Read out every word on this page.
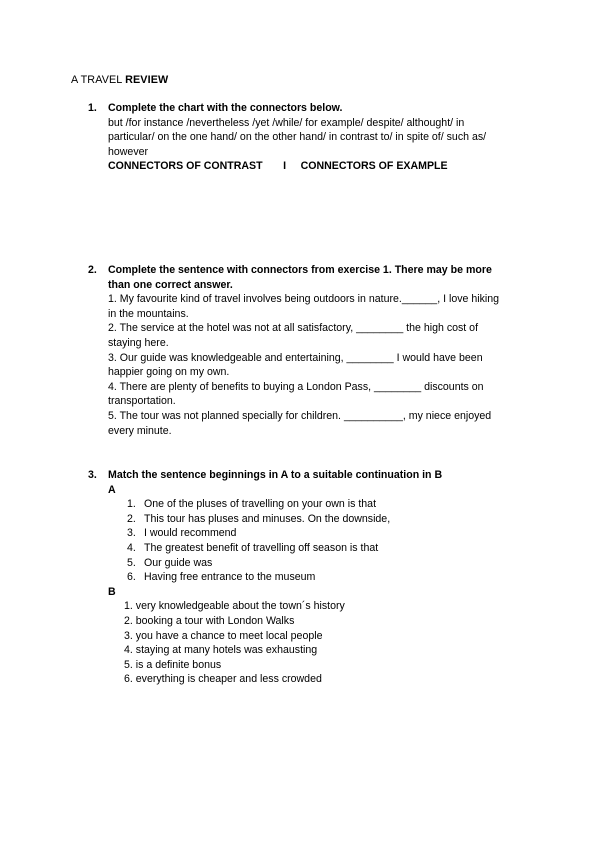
A TRAVEL REVIEW
1. Complete the chart with the connectors below.
but /for instance /nevertheless /yet /while/ for example/ despite/ althought/ in
particular/ on the one hand/ on the other hand/ in contrast to/ in spite of/ such as/
however
CONNECTORS OF CONTRAST I CONNECTORS OF EXAMPLE
2. Complete the sentence with connectors from exercise 1. There may be more
than one correct answer.
1. My favourite kind of travel involves being outdoors in nature.______, I love hiking
in the mountains.
2. The service at the hotel was not at all satisfactory, ________ the high cost of
staying here.
3. Our guide was knowledgeable and entertaining, ________ I would have been
happier going on my own.
4. There are plenty of benefits to buying a London Pass, ________ discounts on
transportation.
5. The tour was not planned specially for children. __________, my niece enjoyed
every minute.
3. Match the sentence beginnings in A to a suitable continuation in B
A
1. One of the pluses of travelling on your own is that
2. This tour has pluses and minuses. On the downside,
3. I would recommend
4. The greatest benefit of travelling off season is that
5. Our guide was
6. Having free entrance to the museum
B
1. very knowledgeable about the town´s history
2. booking a tour with London Walks
3. you have a chance to meet local people
4. staying at many hotels was exhausting
5. is a definite bonus
6. everything is cheaper and less crowded
